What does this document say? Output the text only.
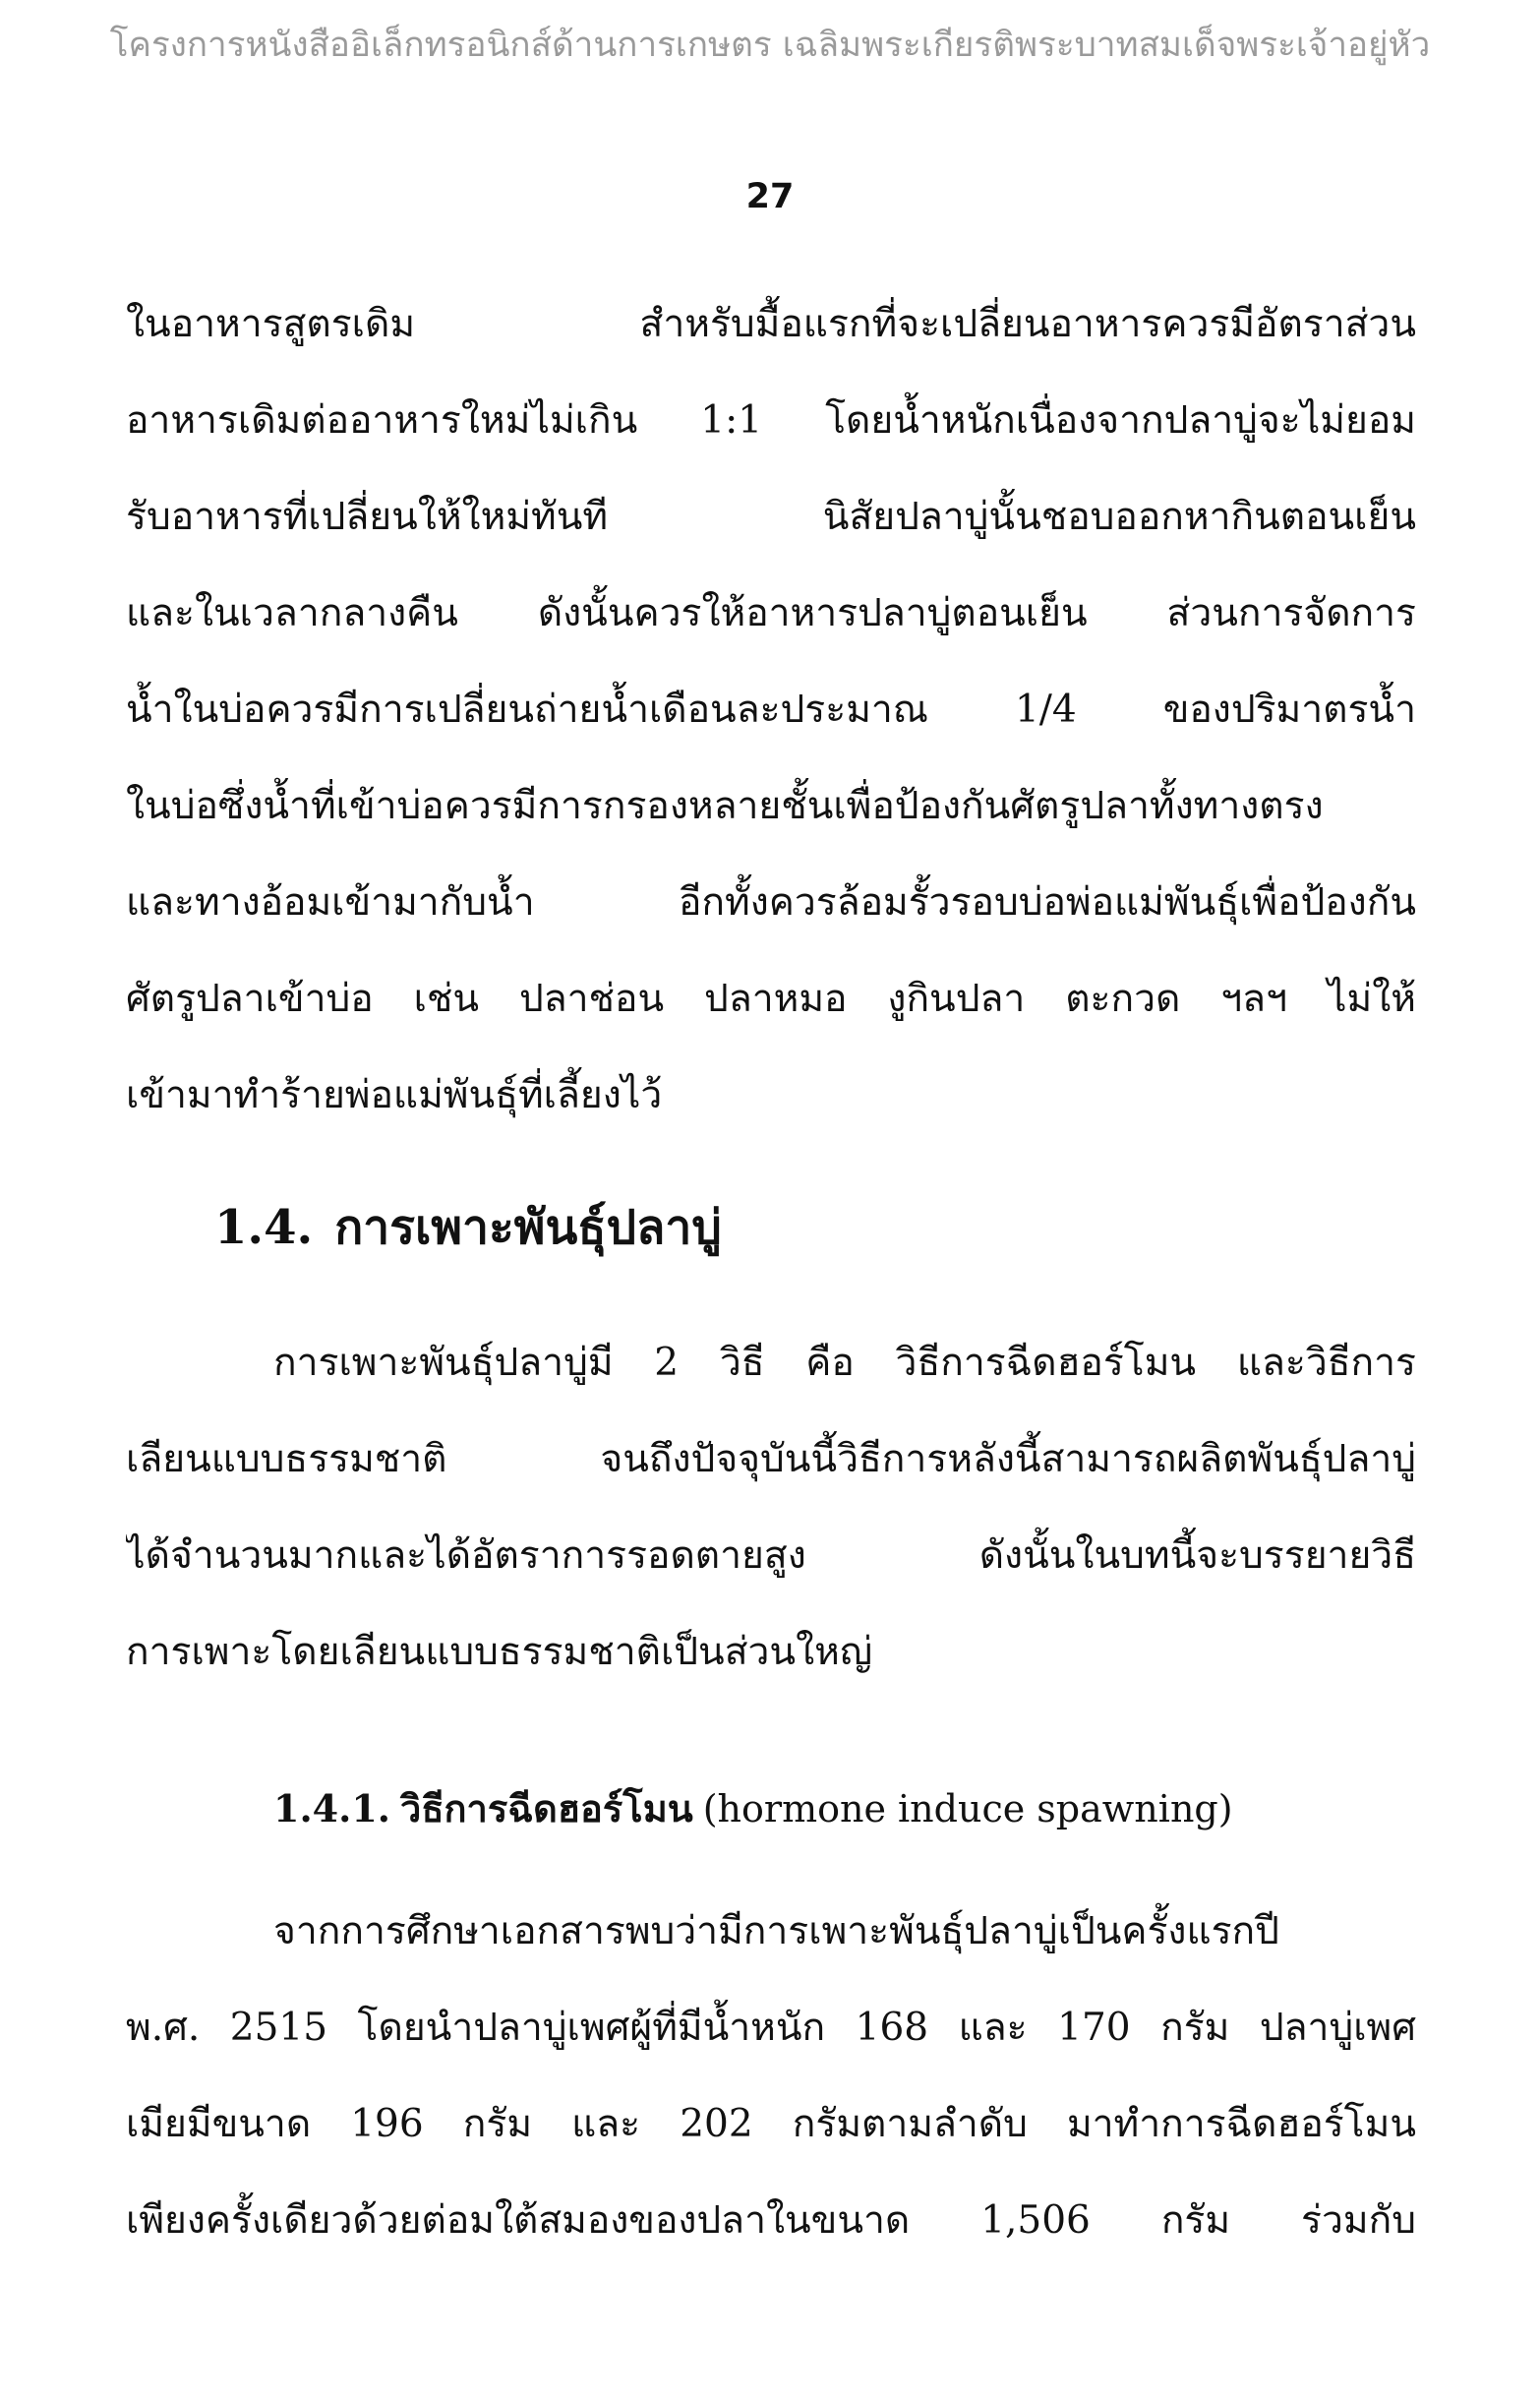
โครงการหนังสืออิเล็กทรอนิกส์ด้านการเกษตร เฉลิมพระเกียรติพระบาทสมเด็จพระเจ้าอยู่หัว
27
ในอาหารสูตรเดิม สำหรับมื้อแรกที่จะเปลี่ยนอาหารควรมีอัตราส่วน
อาหารเดิมต่ออาหารใหม่ไม่เกิน 1:1 โดยน้ำหนักเนื่องจากปลาบู่จะไม่ยอม
รับอาหารที่เปลี่ยนให้ใหม่ทันที นิสัยปลาบู่นั้นชอบออกหากินตอนเย็น
และในเวลากลางคืน ดังนั้นควรให้อาหารปลาบู่ตอนเย็น ส่วนการจัดการ
น้ำในบ่อควรมีการเปลี่ยนถ่ายน้ำเดือนละประมาณ 1/4 ของปริมาตรน้ำ
ในบ่อซึ่งน้ำที่เข้าบ่อควรมีการกรองหลายชั้นเพื่อป้องกันศัตรูปลาทั้งทางตรง
และทางอ้อมเข้ามากับน้ำ อีกทั้งควรล้อมรั้วรอบบ่อพ่อแม่พันธุ์เพื่อป้องกัน
ศัตรูปลาเข้าบ่อ เช่น ปลาช่อน ปลาหมอ งูกินปลา ตะกวด ฯลฯ ไม่ให้
เข้ามาทำร้ายพ่อแม่พันธุ์ที่เลี้ยงไว้
1.4. การเพาะพันธุ์ปลาบู่
การเพาะพันธุ์ปลาบู่มี 2 วิธี คือ วิธีการฉีดฮอร์โมน และวิธีการ
เลียนแบบธรรมชาติ จนถึงปัจจุบันนี้วิธีการหลังนี้สามารถผลิตพันธุ์ปลาบู่
ได้จำนวนมากและได้อัตราการรอดตายสูง ดังนั้นในบทนี้จะบรรยายวิธี
การเพาะโดยเลียนแบบธรรมชาติเป็นส่วนใหญ่
1.4.1. วิธีการฉีดฮอร์โมน (hormone induce spawning)
จากการศึกษาเอกสารพบว่ามีการเพาะพันธุ์ปลาบู่เป็นครั้งแรกปี
พ.ศ. 2515 โดยนำปลาบู่เพศผู้ที่มีน้ำหนัก 168 และ 170 กรัม ปลาบู่เพศ
เมียมีขนาด 196 กรัม และ 202 กรัมตามลำดับ มาทำการฉีดฮอร์โมน
เพียงครั้งเดียวด้วยต่อมใต้สมองของปลาในขนาด 1,506 กรัม ร่วมกับ
